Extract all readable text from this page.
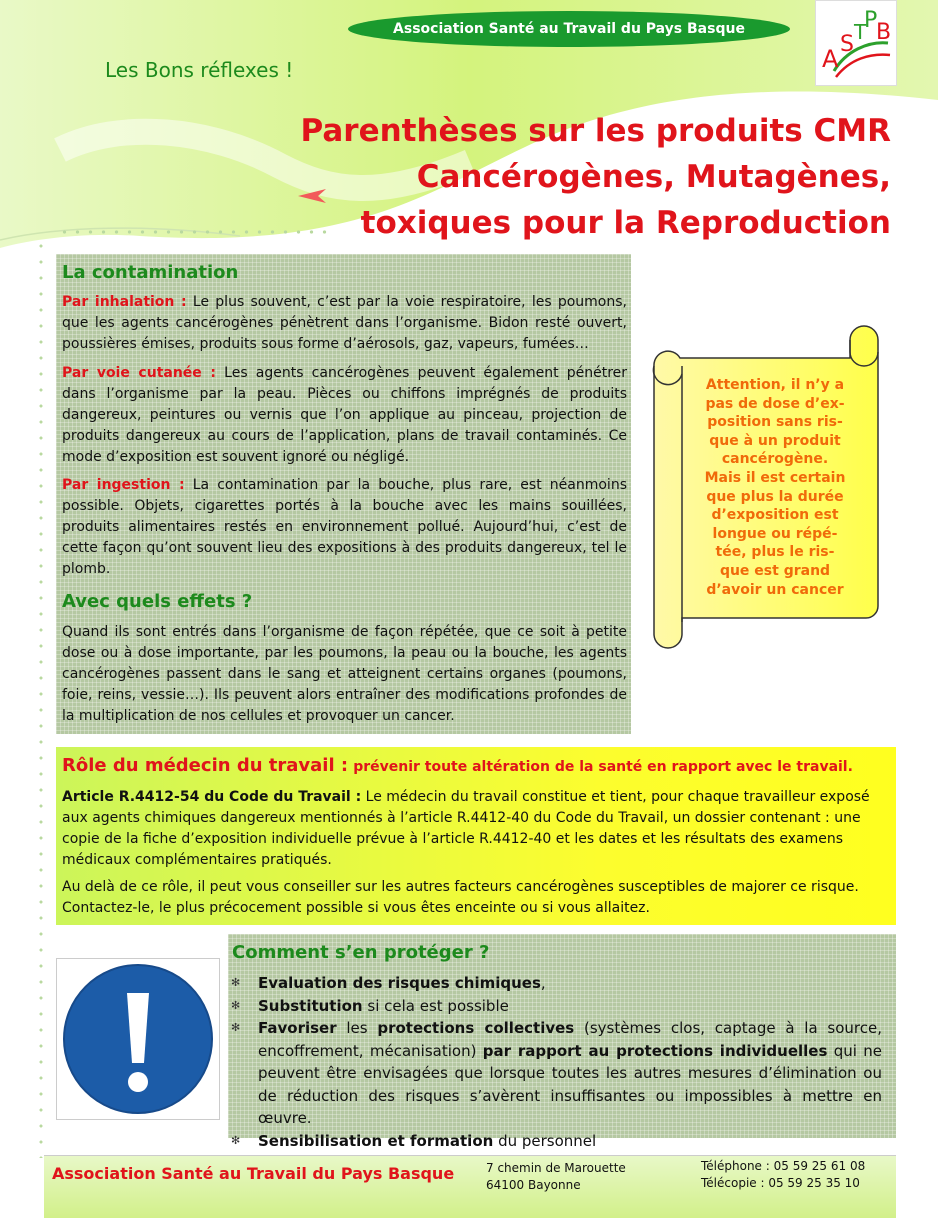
Association Santé au Travail du Pays Basque
A
S T
P
B
Les Bons réflexes !
Parenthèses sur les produits CMR
Cancérogènes, Mutagènes,
toxiques pour la Reproduction
La contamination

Par inhalation : Le plus souvent, c’est par la voie respiratoire, les poumons, que les agents cancérogènes pénètrent dans l’organisme. Bidon resté ouvert, poussières émises, produits sous forme d’aérosols, gaz, vapeurs, fumées…

Par voie cutanée : Les agents cancérogènes peuvent également pénétrer dans l’organisme par la peau. Pièces ou chiffons imprégnés de produits dangereux, peintures ou vernis que l’on applique au pinceau, projection de produits dangereux au cours de l’application, plans de travail contaminés. Ce mode d’exposition est souvent ignoré ou négligé.

Par ingestion : La contamination par la bouche, plus rare, est néanmoins possible. Objets, cigarettes portés à la bouche avec les mains souillées, produits alimentaires restés en environnement pollué. Aujourd’hui, c’est de cette façon qu’ont souvent lieu des expositions à des produits dangereux, tel le plomb.

Avec quels effets ?

Quand ils sont entrés dans l’organisme de façon répétée, que ce soit à petite dose ou à dose importante, par les poumons, la peau ou la bouche, les agents cancérogènes passent dans le sang et atteignent certains organes (poumons, foie, reins, vessie…). Ils peuvent alors entraîner des modifications profondes de la multiplication de nos cellules et provoquer un cancer.

Attention, il n’y a
pas de dose d’ex-
position sans ris-
que à un produit
cancérogène.
Mais il est certain
que plus la durée
d’exposition est
longue ou répé-
tée, plus le ris-
que est grand
d’avoir un cancer
Rôle du médecin du travail : prévenir toute altération de la santé en rapport avec le travail.

Article R.4412-54 du Code du Travail : Le médecin du travail constitue et tient, pour chaque travailleur exposé aux agents chimiques dangereux mentionnés à l’article R.4412-40 du Code du Travail, un dossier contenant : une copie de la fiche d’exposition individuelle prévue à l’article R.4412-40 et les dates et les résultats des examens médicaux complémentaires pratiqués.

Au delà de ce rôle, il peut vous conseiller sur les autres facteurs cancérogènes susceptibles de majorer ce risque. Contactez-le, le plus précocement possible si vous êtes enceinte ou si vous allaitez.

Comment s’en protéger ?
✻ Evaluation des risques chimiques,
✻ Substitution si cela est possible
✻ Favoriser les protections collectives (systèmes clos, captage à la source, encoffrement, mécanisation) par rapport au protections individuelles qui ne peuvent être envisagées que lorsque toutes les autres mesures d’élimination ou de réduction des risques s’avèrent insuffisantes ou impossibles à mettre en œuvre.
✻ Sensibilisation et formation du personnel
Association Santé au Travail du Pays Basque	7 chemin de Marouette
64100 Bayonne
Téléphone : 05 59 25 61 08
Télécopie : 05 59 25 35 10
